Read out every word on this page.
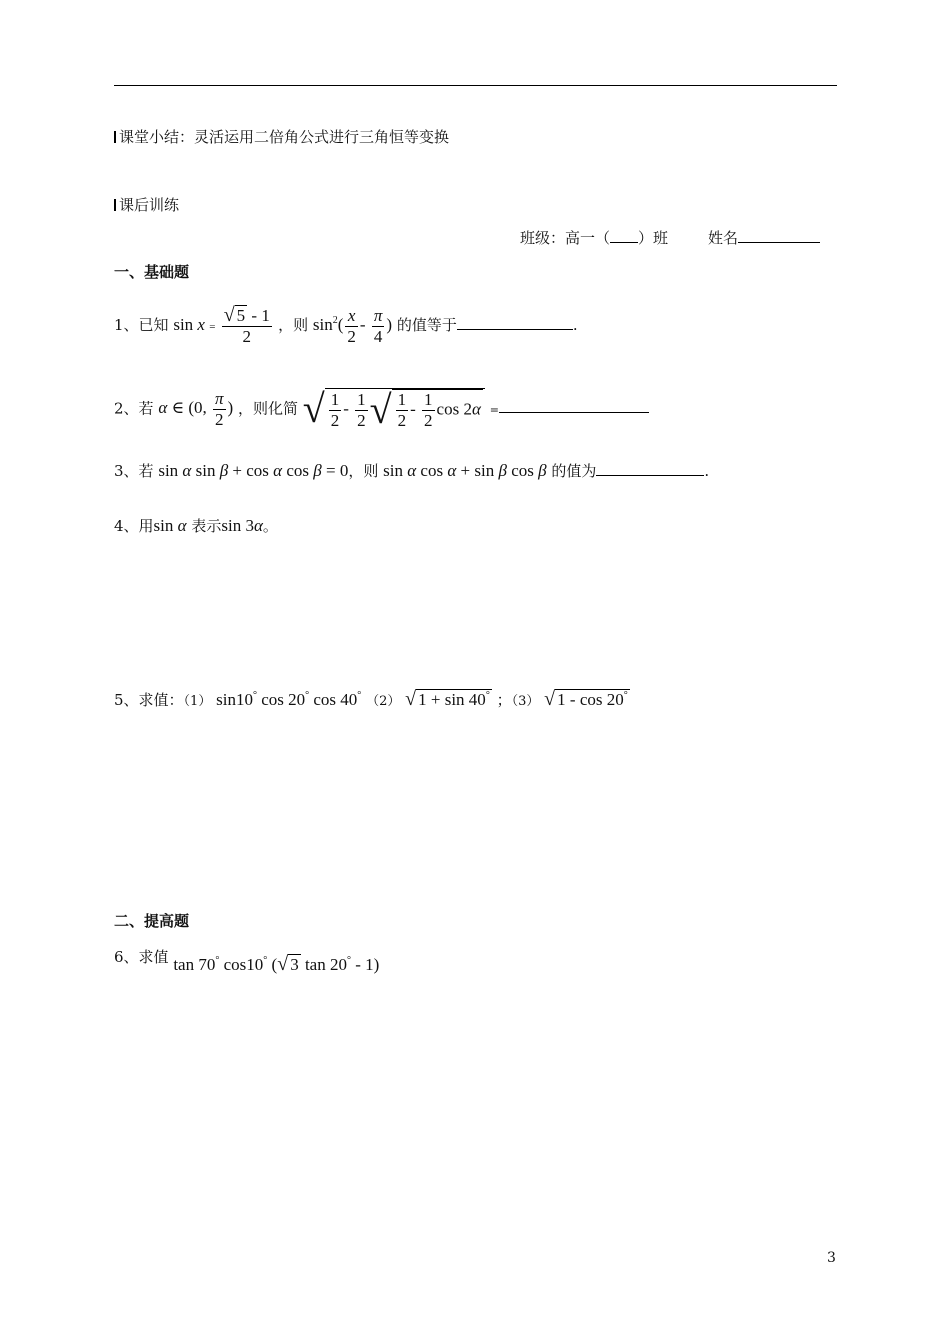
课堂小结：灵活运用二倍角公式进行三角恒等变换
课后训练
班级：高一（ ）班	姓名
一、基础题
1、已知 $\sin x = \frac{√ 5 - 1}{2}$ ，则 $\sin^2( \frac{x}{2} - \frac{\pi}{4}$ ) 的值等于	.
2、若 α ∈ (0, $\frac{\pi}{2}$ ) ，则化简 √ $\frac{1}{2} - \frac{1}{2}$ √ $\frac{1}{2} - \frac{1}{2}$ cos 2α =
3、若 sin α sin β + cos α cos β = 0，则 sin α cos α + sin β cos β 的值为	.
4、用sin α 表示sin 3α。
5、求值：（1） sin10° cos 20° cos 40° （2） √ 1 + sin 40° ；（3） √ 1 - cos 20°
二、提高题
6、求值 tan 70° cos10° (√ 3 tan 20° - 1)
3
